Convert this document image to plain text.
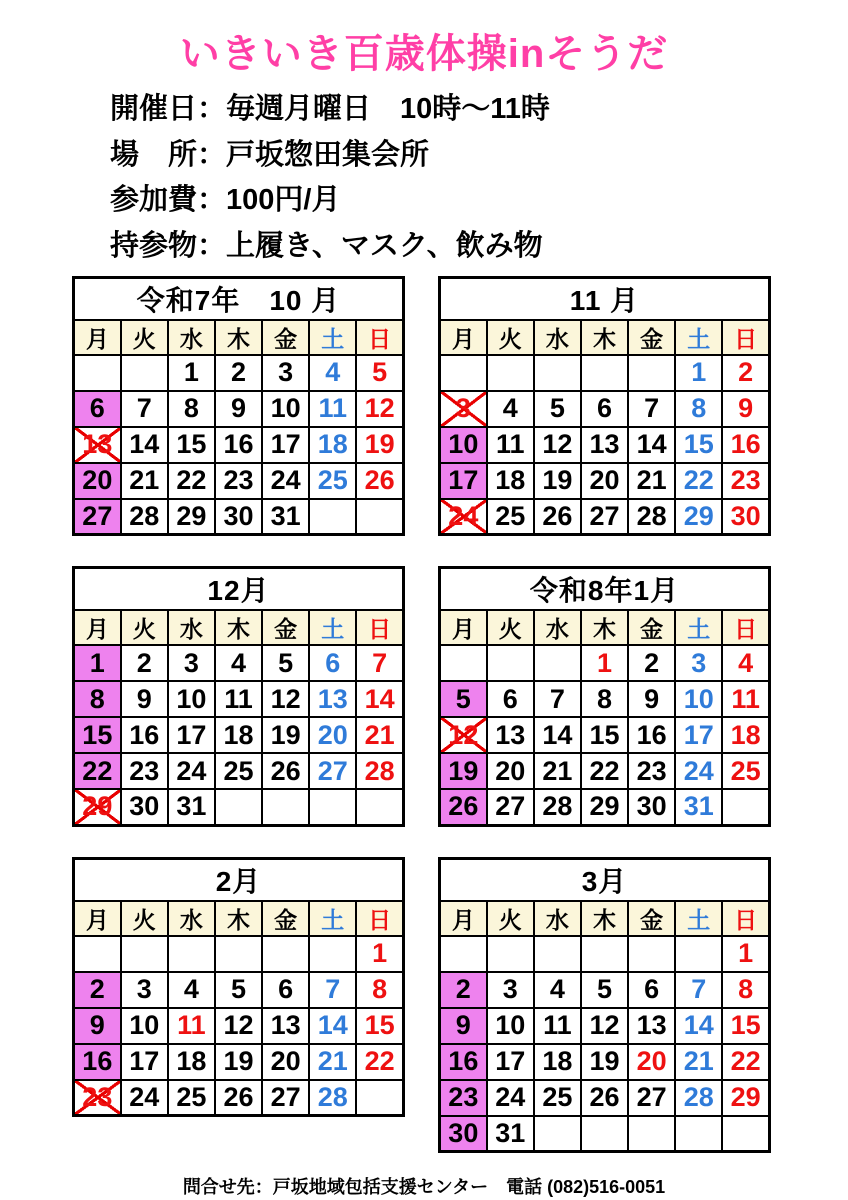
いきいき百歳体操inそうだ
開催日：毎週月曜日　10時～11時
場　所：戸坂惣田集会所
参加費：100円/月
持参物：上履き、マスク、飲み物
令和7年　10 月						
月	火	水	木	金	土	日
		1	2	3	4	5
6	7	8	9	10	11	12
13	14	15	16	17	18	19
20	21	22	23	24	25	26
27	28	29	30	31		
11 月						
月	火	水	木	金	土	日
					1	2
3	4	5	6	7	8	9
10	11	12	13	14	15	16
17	18	19	20	21	22	23
24	25	26	27	28	29	30
12月						
月	火	水	木	金	土	日
1	2	3	4	5	6	7
8	9	10	11	12	13	14
15	16	17	18	19	20	21
22	23	24	25	26	27	28
29	30	31				
令和8年1月						
月	火	水	木	金	土	日
			1	2	3	4
5	6	7	8	9	10	11
12	13	14	15	16	17	18
19	20	21	22	23	24	25
26	27	28	29	30	31	
2月						
月	火	水	木	金	土	日
						1
2	3	4	5	6	7	8
9	10	11	12	13	14	15
16	17	18	19	20	21	22
23	24	25	26	27	28	
3月						
月	火	水	木	金	土	日
						1
2	3	4	5	6	7	8
9	10	11	12	13	14	15
16	17	18	19	20	21	22
23	24	25	26	27	28	29
30	31					
問合せ先：戸坂地域包括支援センター　電話 (082)516-0051
